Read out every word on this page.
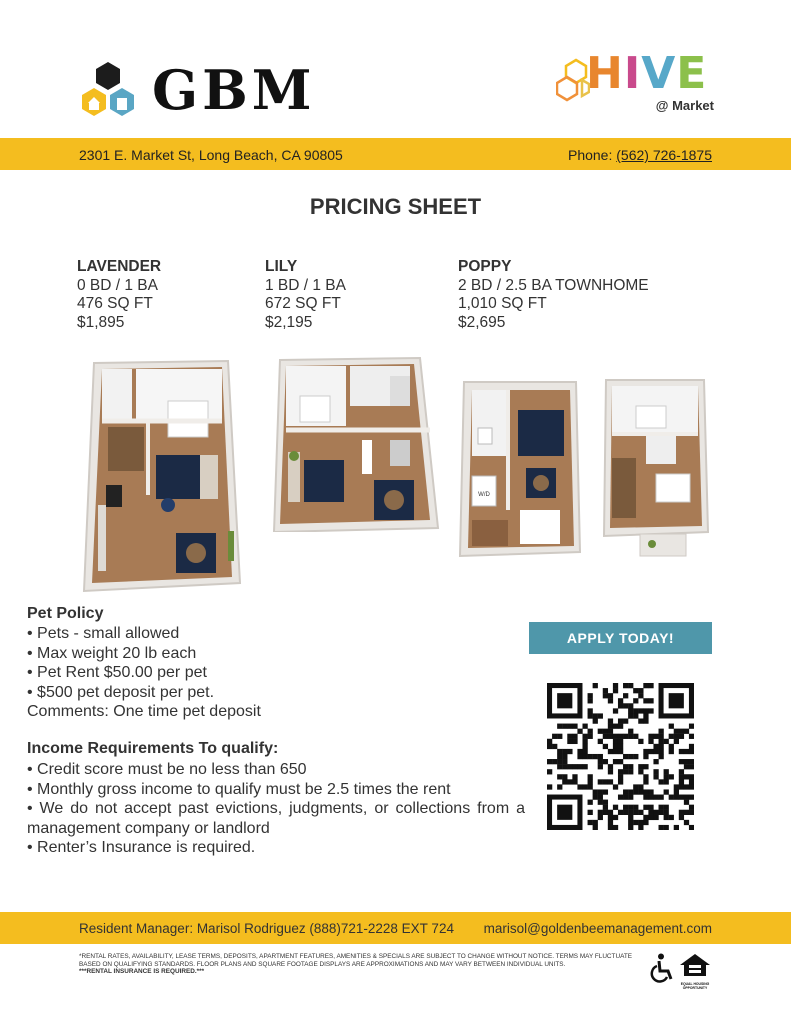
GBM	HIVE
@ Market
2301 E. Market St, Long Beach, CA 90805	Phone: (562) 726-1875
PRICING SHEET
LAVENDER
0 BD / 1 BA
476 SQ FT
$1,895
LILY
1 BD / 1 BA
672 SQ FT
$2,195
POPPY
2 BD / 2.5 BA TOWNHOME
1,010 SQ FT
$2,695
W/D
Pet Policy
• Pets - small allowed
• Max weight 20 lb each
• Pet Rent $50.00 per pet
• $500 pet deposit per pet.
Comments: One time pet deposit
Income Requirements To qualify:
• Credit score must be no less than 650
• Monthly gross income to qualify must be 2.5 times the rent
• We do not accept past evictions, judgments, or collections from a management company or landlord
• Renter’s Insurance is required.
APPLY TODAY!
Resident Manager: Marisol Rodriguez (888)721-2228 EXT 724 marisol@goldenbeemanagement.com
*RENTAL RATES, AVAILABILITY, LEASE TERMS, DEPOSITS, APARTMENT FEATURES, AMENITIES & SPECIALS ARE SUBJECT TO CHANGE WITHOUT NOTICE. TERMS MAY FLUCTUATE BASED ON QUALIFYING STANDARDS. FLOOR PLANS AND SQUARE FOOTAGE DISPLAYS ARE APPROXIMATIONS AND MAY VARY BETWEEN INDIVIDUAL UNITS.
***RENTAL INSURANCE IS REQUIRED.***
EQUAL HOUSING OPPORTUNITY
